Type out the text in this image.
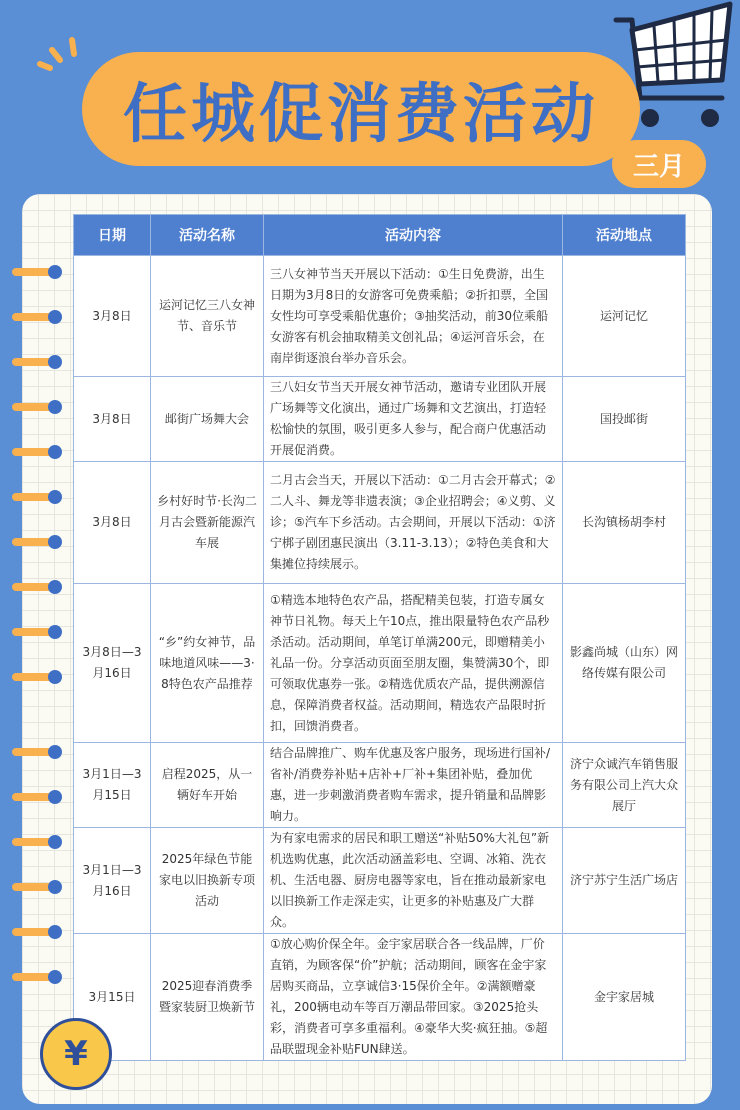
任城促消费活动
三月
日期	活动名称	活动内容	活动地点
3月8日	运河记忆三八女神节、音乐节	三八女神节当天开展以下活动：①生日免费游，出生日期为3月8日的女游客可免费乘船；②折扣票，全国女性均可享受乘船优惠价；③抽奖活动，前30位乘船女游客有机会抽取精美文创礼品；④运河音乐会，在南岸街逐浪台举办音乐会。	运河记忆
3月8日	䢺街广场舞大会	三八妇女节当天开展女神节活动，邀请专业团队开展广场舞等文化演出，通过广场舞和文艺演出，打造轻松愉快的氛围，吸引更多人参与，配合商户优惠活动开展促消费。	国投䢺街
3月8日	乡村好时节·长沟二月古会暨新能源汽车展	二月古会当天，开展以下活动：①二月古会开幕式；②二人斗、舞龙等非遗表演；③企业招聘会；④义剪、义诊；⑤汽车下乡活动。古会期间，开展以下活动：①济宁梆子剧团惠民演出（3.11-3.13）；②特色美食和大集摊位持续展示。	长沟镇杨胡李村
3月8日—3月16日	“乡”约女神节，品味地道风味——3·8特色农产品推荐	①精选本地特色农产品，搭配精美包装，打造专属女神节日礼物。每天上午10点，推出限量特色农产品秒杀活动。活动期间，单笔订单满200元，即赠精美小礼品一份。分享活动页面至朋友圈，集赞满30个，即可领取优惠券一张。②精选优质农产品，提供溯源信息，保障消费者权益。活动期间，精选农产品限时折扣，回馈消费者。	影鑫尚城（山东）网络传媒有限公司
3月1日—3月15日	启程2025，从一辆好车开始	结合品牌推广、购车优惠及客户服务，现场进行国补/省补/消费券补贴+店补+厂补+集团补贴，叠加优惠，进一步刺激消费者购车需求，提升销量和品牌影响力。	济宁众诚汽车销售服务有限公司上汽大众展厅
3月1日—3月16日	2025年绿色节能家电以旧换新专项活动	为有家电需求的居民和职工赠送“补贴50%大礼包”新机选购优惠，此次活动涵盖彩电、空调、冰箱、洗衣机、生活电器、厨房电器等家电，旨在推动最新家电以旧换新工作走深走实，让更多的补贴惠及广大群众。	济宁苏宁生活广场店
3月15日	2025迎春消费季暨家装厨卫焕新节	①放心购价保全年。金宇家居联合各一线品牌，厂价直销，为顾客保“价”护航；活动期间，顾客在金宇家居购买商品，立享诚信3·15保价全年。②满额赠豪礼，200辆电动车等百万潮品带回家。③2025抢头彩，消费者可享多重福利。④豪华大奖·疯狂抽。⑤超品联盟现金补贴FUN肆送。	金宇家居城
¥
